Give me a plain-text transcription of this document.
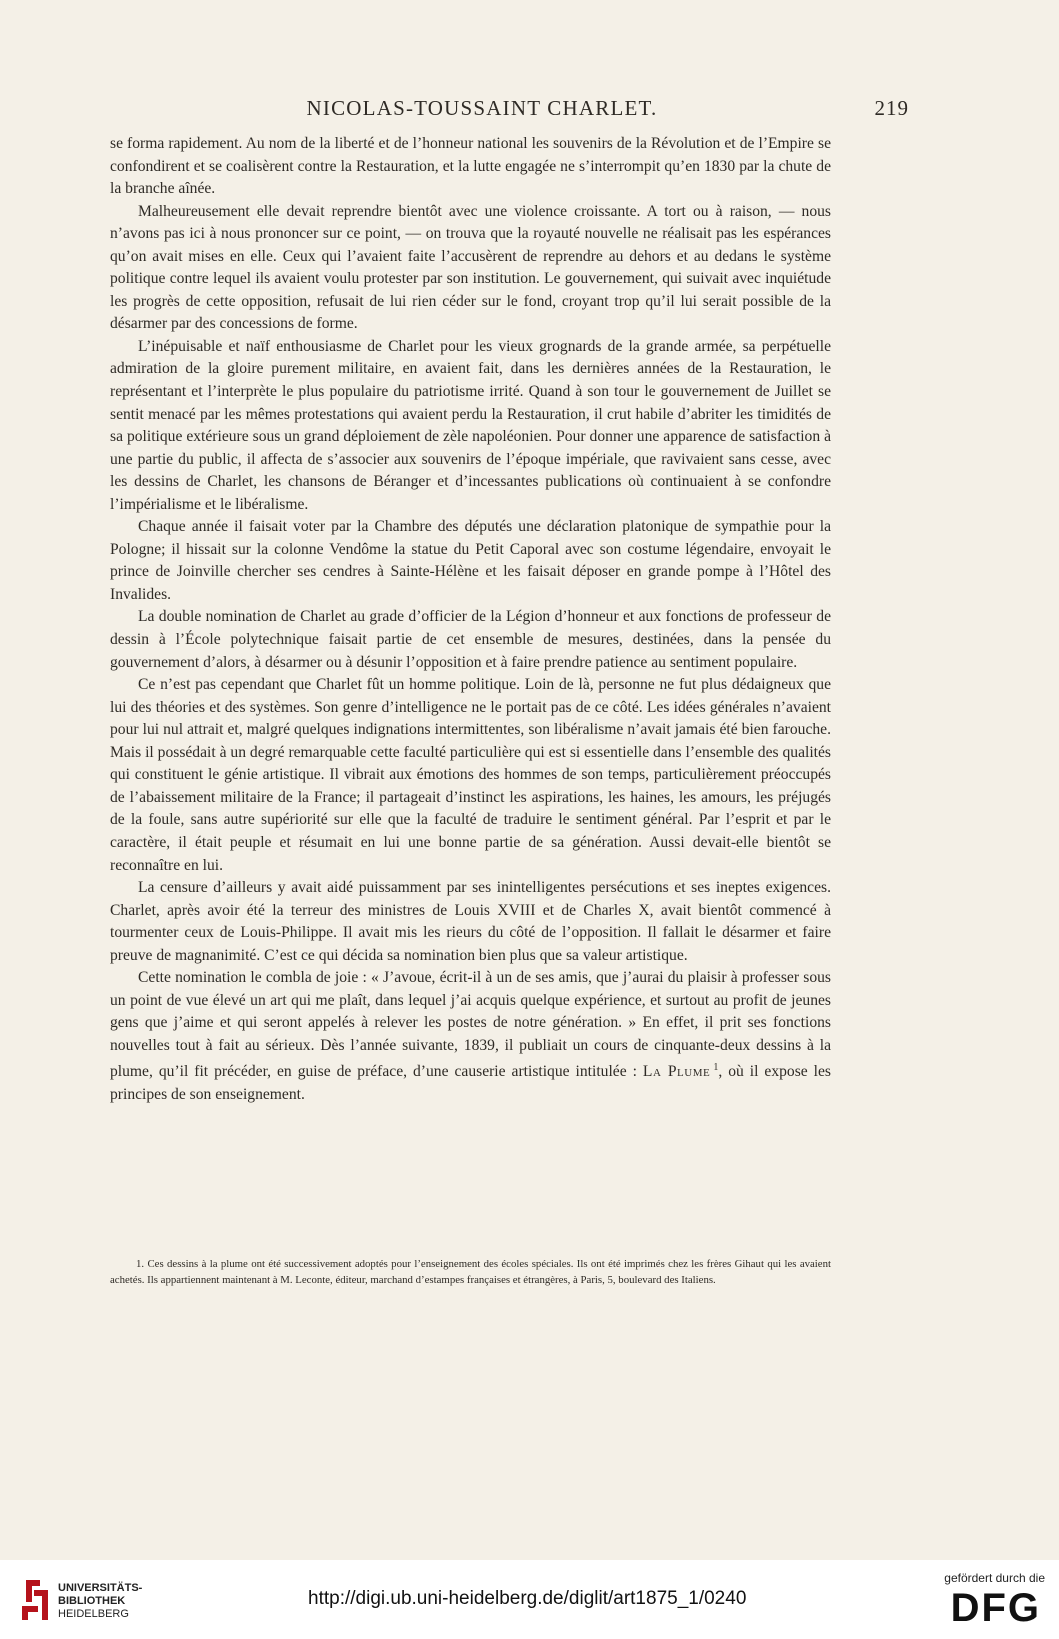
NICOLAS-TOUSSAINT CHARLET.	219

se forma rapidement. Au nom de la liberté et de l’honneur national les souvenirs de la Révolution et de l’Empire se confondirent et se coalisèrent contre la Restauration, et la lutte engagée ne s’interrompit qu’en 1830 par la chute de la branche aînée.

Malheureusement elle devait reprendre bientôt avec une violence croissante. A tort ou à raison, — nous n’avons pas ici à nous prononcer sur ce point, — on trouva que la royauté nouvelle ne réalisait pas les espérances qu’on avait mises en elle. Ceux qui l’avaient faite l’accusèrent de reprendre au dehors et au dedans le système politique contre lequel ils avaient voulu protester par son institution. Le gouvernement, qui suivait avec inquiétude les progrès de cette opposition, refusait de lui rien céder sur le fond, croyant trop qu’il lui serait possible de la désarmer par des concessions de forme.

L’inépuisable et naïf enthousiasme de Charlet pour les vieux grognards de la grande armée, sa perpétuelle admiration de la gloire purement militaire, en avaient fait, dans les dernières années de la Restauration, le représentant et l’interprète le plus populaire du patriotisme irrité. Quand à son tour le gouvernement de Juillet se sentit menacé par les mêmes protestations qui avaient perdu la Restauration, il crut habile d’abriter les timidités de sa politique extérieure sous un grand déploiement de zèle napoléonien. Pour donner une apparence de satisfaction à une partie du public, il affecta de s’associer aux souvenirs de l’époque impériale, que ravivaient sans cesse, avec les dessins de Charlet, les chansons de Béranger et d’incessantes publications où continuaient à se confondre l’impérialisme et le libéralisme.

Chaque année il faisait voter par la Chambre des députés une déclaration platonique de sympathie pour la Pologne; il hissait sur la colonne Vendôme la statue du Petit Caporal avec son costume légendaire, envoyait le prince de Joinville chercher ses cendres à Sainte-Hélène et les faisait déposer en grande pompe à l’Hôtel des Invalides.

La double nomination de Charlet au grade d’officier de la Légion d’honneur et aux fonctions de professeur de dessin à l’École polytechnique faisait partie de cet ensemble de mesures, destinées, dans la pensée du gouvernement d’alors, à désarmer ou à désunir l’opposition et à faire prendre patience au sentiment populaire.

Ce n’est pas cependant que Charlet fût un homme politique. Loin de là, personne ne fut plus dédaigneux que lui des théories et des systèmes. Son genre d’intelligence ne le portait pas de ce côté. Les idées générales n’avaient pour lui nul attrait et, malgré quelques indignations intermittentes, son libéralisme n’avait jamais été bien farouche. Mais il possédait à un degré remarquable cette faculté particulière qui est si essentielle dans l’ensemble des qualités qui constituent le génie artistique. Il vibrait aux émotions des hommes de son temps, particulièrement préoccupés de l’abaissement militaire de la France; il partageait d’instinct les aspirations, les haines, les amours, les préjugés de la foule, sans autre supériorité sur elle que la faculté de traduire le sentiment général. Par l’esprit et par le caractère, il était peuple et résumait en lui une bonne partie de sa génération. Aussi devait-elle bientôt se reconnaître en lui.

La censure d’ailleurs y avait aidé puissamment par ses inintelligentes persécutions et ses ineptes exigences. Charlet, après avoir été la terreur des ministres de Louis XVIII et de Charles X, avait bientôt commencé à tourmenter ceux de Louis-Philippe. Il avait mis les rieurs du côté de l’opposition. Il fallait le désarmer et faire preuve de magnanimité. C’est ce qui décida sa nomination bien plus que sa valeur artistique.

Cette nomination le combla de joie : « J’avoue, écrit-il à un de ses amis, que j’aurai du plaisir à professer sous un point de vue élevé un art qui me plaît, dans lequel j’ai acquis quelque expérience, et surtout au profit de jeunes gens que j’aime et qui seront appelés à relever les postes de notre génération. » En effet, il prit ses fonctions nouvelles tout à fait au sérieux. Dès l’année suivante, 1839, il publiait un cours de cinquante-deux dessins à la plume, qu’il fit précéder, en guise de préface, d’une causerie artistique intitulée : La Plume  $^1$, où il expose les principes de son enseignement.

1. Ces dessins à la plume ont été successivement adoptés pour l’enseignement des écoles spéciales. Ils ont été imprimés chez les frères Gihaut qui les avaient achetés. Ils appartiennent maintenant à M. Leconte, éditeur, marchand d’estampes françaises et étrangères, à Paris, 5, boulevard des Italiens.

UNIVERSITÄTS-
BIBLIOTHEK
HEIDELBERG
http://digi.ub.uni-heidelberg.de/diglit/art1875_1/0240
gefördert durch die
DFG
